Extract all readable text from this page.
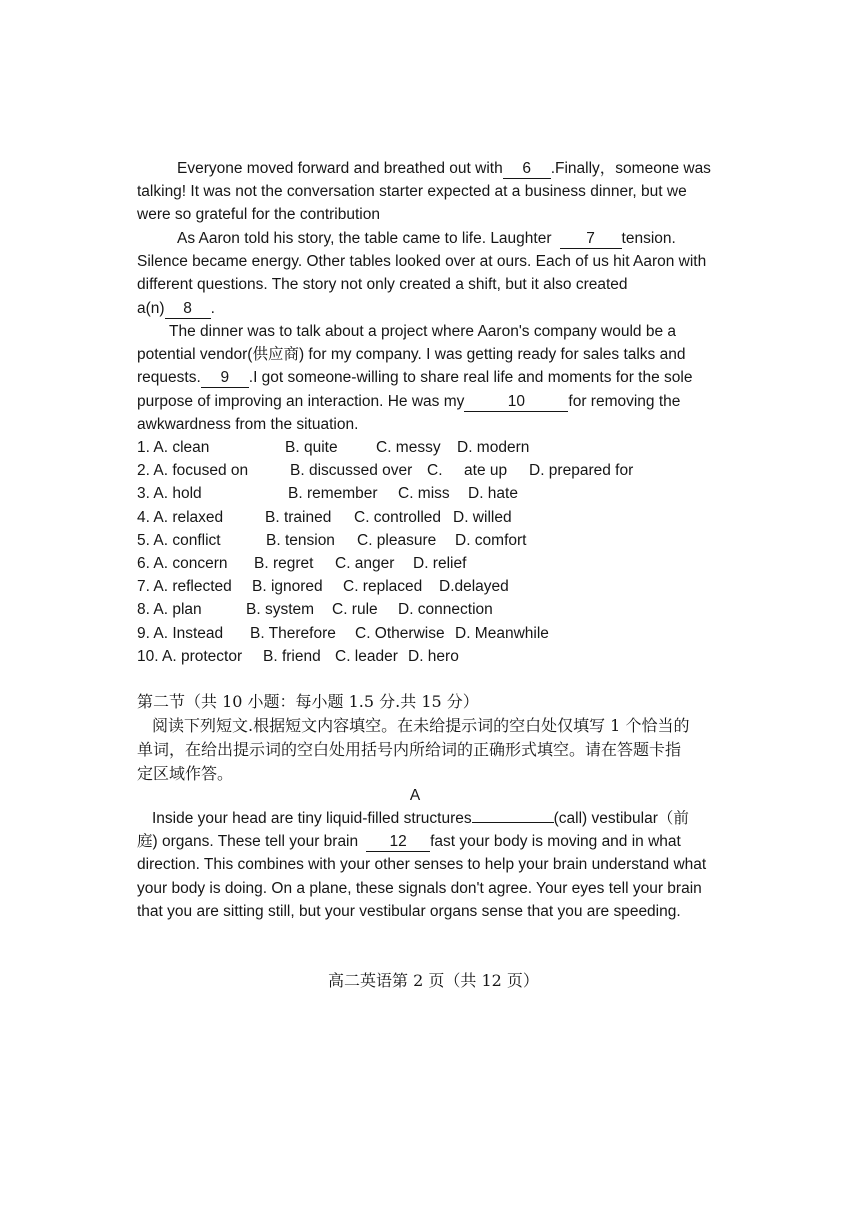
Everyone moved forward and breathed out with 6 .Finally，someone was
talking! It was not the conversation starter expected at a business dinner, but we
were so grateful for the contribution
As Aaron told his story, the table came to life. Laughter 7 tension.
Silence became energy. Other tables looked over at ours. Each of us hit Aaron with
different questions. The story not only created a shift, but it also created
a(n) 8 .
The dinner was to talk about a project where Aaron's company would be a
potential vendor(供应商) for my company. I was getting ready for sales talks and
requests. 9 .I got someone-willing to share real life and moments for the sole
purpose of improving an interaction. He was my	10	for removing the
awkwardness from the situation.
1. A. clean	B. quite C. messy D. modern
2. A. focused on	B. discussed over C.     ate up D. prepared for
3. A. hold	B. remember C. miss D. hate
4. A. relaxed	B. trained C. controlled D. willed
5. A. conflict	B. tension C. pleasure D. comfort
6. A. concern B. regret C. anger D. relief
7. A. reflected B. ignored C. replaced D.delayed
8. A. plan	B. system C. rule D. connection
9. A. Instead B. Therefore C. Otherwise D. Meanwhile
10. A. protector B. friend C. leader D. hero
第二节（共 10 小题：每小题 1.5 分.共 15 分）
阅读下列短文.根据短文内容填空。在未给提示词的空白处仅填写 1 个恰当的
单词，在给出提示词的空白处用括号内所给词的正确形式填空。请在答题卡指
定区域作答。
A
Inside your head are tiny liquid-filled structures	(call) vestibular（前
庭) organs. These tell your brain 12 fast your body is moving and in what
direction. This combines with your other senses to help your brain understand what
your body is doing. On a plane, these signals don't agree. Your eyes tell your brain
that you are sitting still, but your vestibular organs sense that you are speeding.
高二英语第 2 页（共 12 页）
